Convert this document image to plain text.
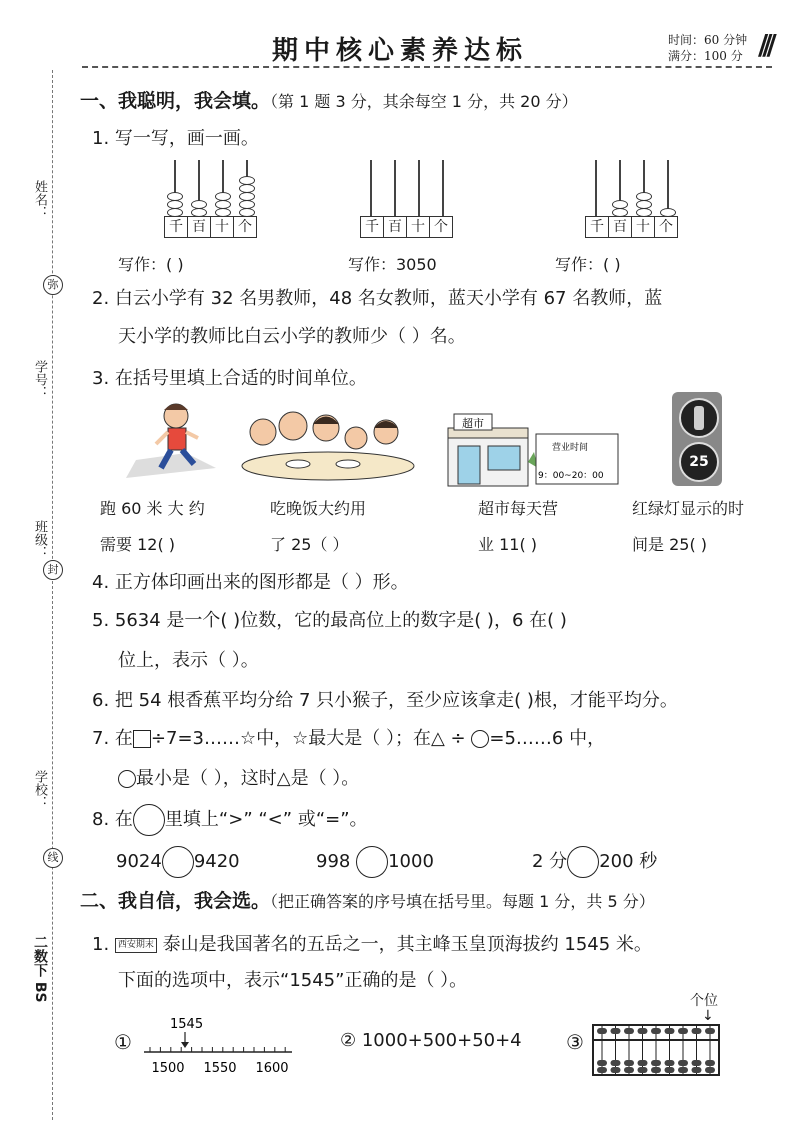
期中核心素养达标	时间：60 分钟
满分：100 分 ///
姓名：
弥
学号：
班级：
封
学校：
线
二数下 BS
一、我聪明，我会填。（第 1 题 3 分，其余每空 1 分，共 20 分）
1. 写一写，画一画。
千 百 十 个	千 百 十 个	千 百 十 个
写作：( )	写作：3050	写作：( )
2. 白云小学有 32 名男教师，48 名女教师，蓝天小学有 67 名教师，蓝
天小学的教师比白云小学的教师少（ ）名。
3. 在括号里填上合适的时间单位。
超市
营业时间
9：00~20：00
25
跑 60 米 大 约
需要 12( )
吃晚饭大约用
了 25（ ）
超市每天营
业 11( )
红绿灯显示的时
间是 25( )
4. 正方体印画出来的图形都是（ ）形。
5. 5634 是一个( )位数，它的最高位上的数字是( )，6 在( )
位上，表示（ ）。
6. 把 54 根香蕉平均分给 7 只小猴子，至少应该拿走( )根，才能平均分。
7. 在 ÷7=3……☆中，☆最大是（ ）；在△ ÷ =5……6 中，
最小是（ ），这时△是（ ）。
8. 在 里填上“>” “<” 或“=”。
9024 9420	998 1000	2 分 200 秒
二、我自信，我会选。（把正确答案的序号填在括号里。每题 1 分，共 5 分）
1. 西安期末 泰山是我国著名的五岳之一，其主峰玉皇顶海拔约 1545 米。
下面的选项中，表示“1545”正确的是（ ）。
①
1545
1500 1550 1600
② 1000+500+50+4 ③
个位
↓
